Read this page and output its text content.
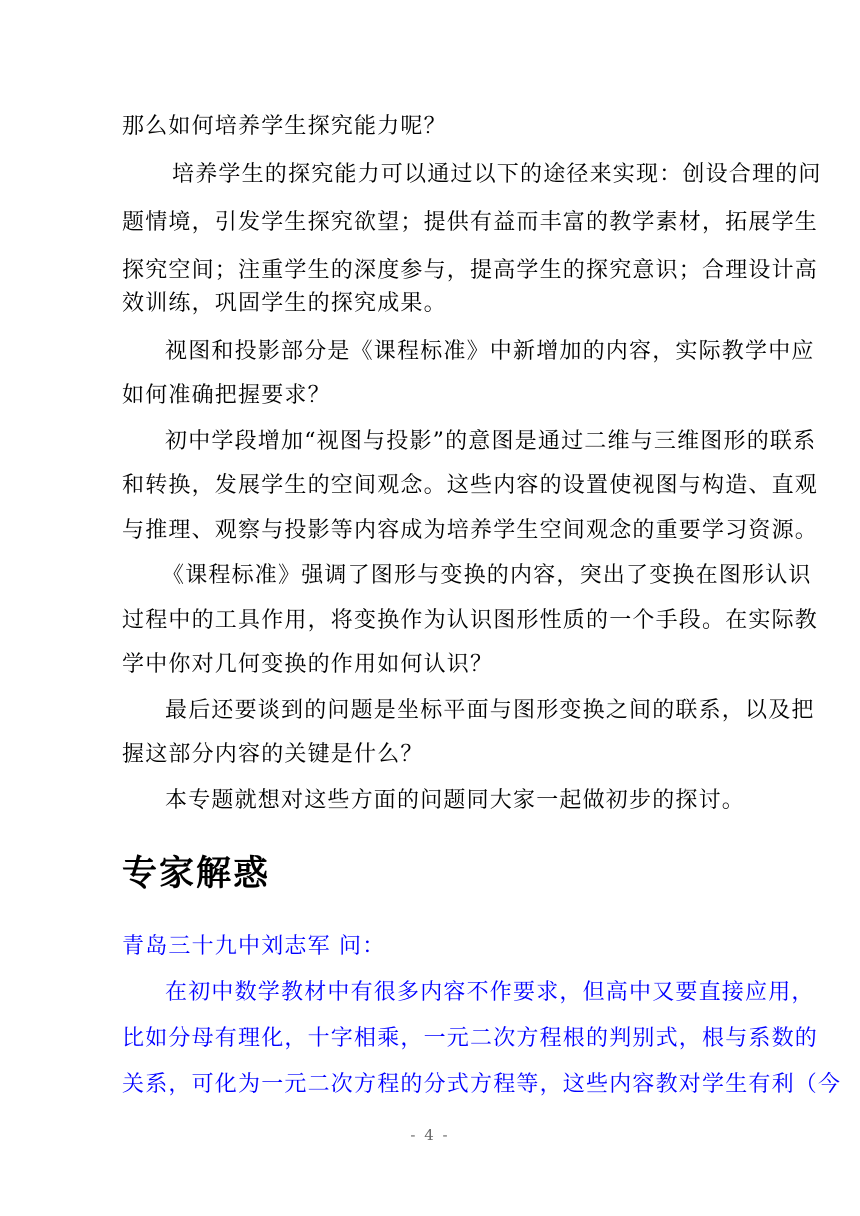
那么如何培养学生探究能力呢？
培养学生的探究能力可以通过以下的途径来实现：创设合理的问
题情境，引发学生探究欲望；提供有益而丰富的教学素材，拓展学生
探究空间；注重学生的深度参与，提高学生的探究意识；合理设计高
效训练，巩固学生的探究成果。
视图和投影部分是《课程标准》中新增加的内容，实际教学中应
如何准确把握要求？
初中学段增加“视图与投影”的意图是通过二维与三维图形的联系
和转换，发展学生的空间观念。这些内容的设置使视图与构造、直观
与推理、观察与投影等内容成为培养学生空间观念的重要学习资源。
《课程标准》强调了图形与变换的内容，突出了变换在图形认识
过程中的工具作用，将变换作为认识图形性质的一个手段。在实际教
学中你对几何变换的作用如何认识？
最后还要谈到的问题是坐标平面与图形变换之间的联系，以及把
握这部分内容的关键是什么？
本专题就想对这些方面的问题同大家一起做初步的探讨。
专家解惑
青岛三十九中刘志军 问：
在初中数学教材中有很多内容不作要求，但高中又要直接应用，
比如分母有理化，十字相乘，一元二次方程根的判别式，根与系数的
关系，可化为一元二次方程的分式方程等，这些内容教对学生有利（今
- 4 -
